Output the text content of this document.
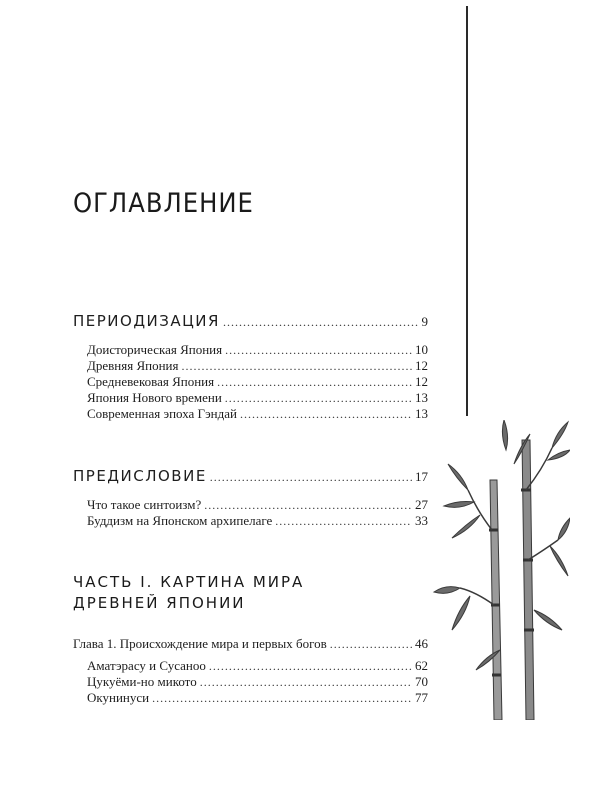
ОГЛАВЛЕНИЕ
ПЕРИОДИЗАЦИЯ .....	9
Доисторическая Япония .....	10
Древняя Япония .....	12
Средневековая Япония .....	12
Япония Нового времени .....	13
Современная эпоха Гэндай .....	13
ПРЕДИСЛОВИЕ .....	17
Что такое синтоизм? .....	27
Буддизм на Японском архипелаге .....	33
ЧАСТЬ I. КАРТИНА МИРА
ДРЕВНЕЙ ЯПОНИИ
Глава 1. Происхождение мира и первых богов .....	46
Аматэрасу и Сусаноо .....	62
Цукуёми-но микото .....	70
Окунинуси .....	77
